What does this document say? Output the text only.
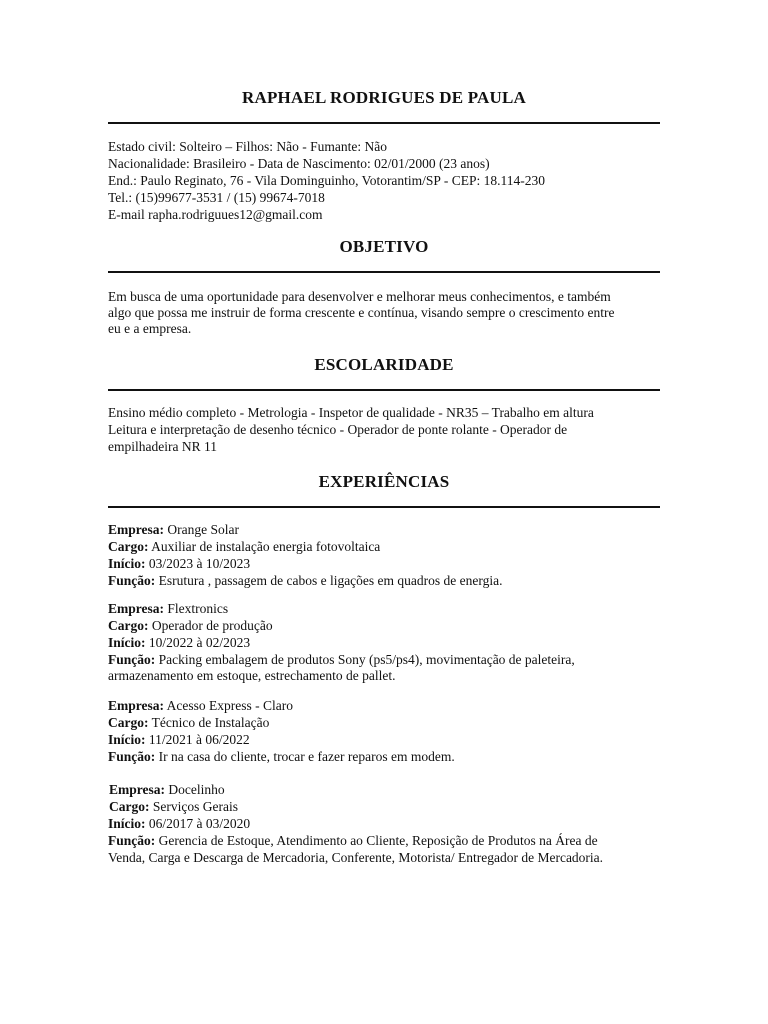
RAPHAEL RODRIGUES DE PAULA

Estado civil: Solteiro – Filhos: Não - Fumante: Não

Nacionalidade: Brasileiro - Data de Nascimento: 02/01/2000 (23 anos)

End.: Paulo Reginato, 76 - Vila Dominguinho, Votorantim/SP - CEP: 18.114-230

Tel.: (15)99677-3531 / (15) 99674-7018

E-mail rapha.rodriguues12@gmail.com

OBJETIVO

Em busca de uma oportunidade para desenvolver e melhorar meus conhecimentos, e também

algo que possa me instruir de forma crescente e contínua, visando sempre o crescimento entre

eu e a empresa.

ESCOLARIDADE

Ensino médio completo - Metrologia - Inspetor de qualidade - NR35 – Trabalho em altura

Leitura e interpretação de desenho técnico - Operador de ponte rolante - Operador de

empilhadeira NR 11

EXPERIÊNCIAS

Empresa: Orange Solar

Cargo: Auxiliar de instalação energia fotovoltaica

Início: 03/2023 à 10/2023

Função: Esrutura , passagem de cabos e ligações em quadros de energia.

Empresa: Flextronics

Cargo: Operador de produção

Início: 10/2022 à 02/2023

Função: Packing embalagem de produtos Sony (ps5/ps4), movimentação de paleteira,

armazenamento em estoque, estrechamento de pallet.

Empresa: Acesso Express - Claro

Cargo: Técnico de Instalação

Início: 11/2021 à 06/2022

Função: Ir na casa do cliente, trocar e fazer reparos em modem.

Empresa: Docelinho

Cargo: Serviços Gerais

Início: 06/2017 à 03/2020

Função: Gerencia de Estoque, Atendimento ao Cliente, Reposição de Produtos na Área de

Venda, Carga e Descarga de Mercadoria, Conferente, Motorista/ Entregador de Mercadoria.
